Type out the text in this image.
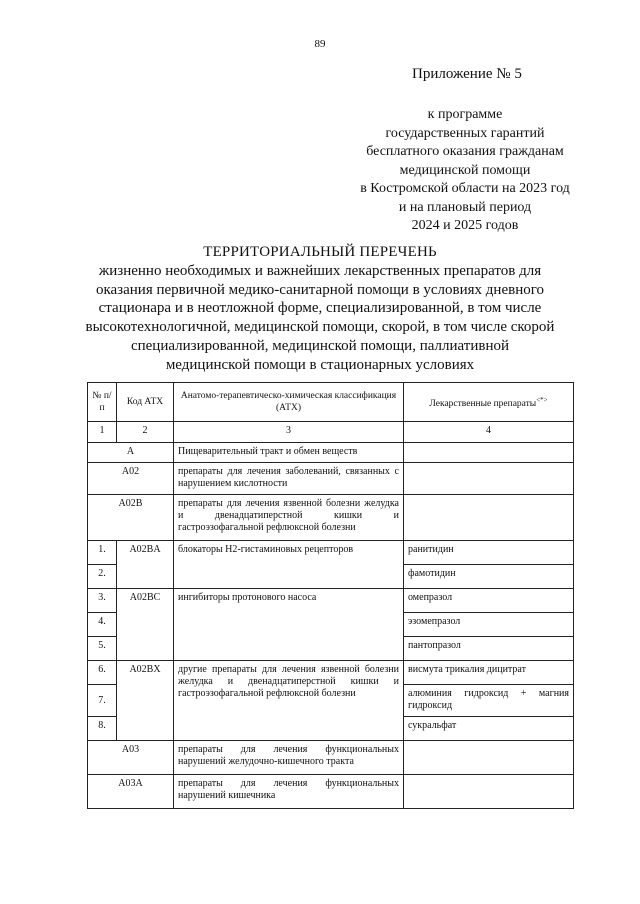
89
Приложение № 5
к программе
государственных гарантий
бесплатного оказания гражданам
медицинской помощи
в Костромской области на 2023 год
и на плановый период
2024 и 2025 годов
ТЕРРИТОРИАЛЬНЫЙ ПЕРЕЧЕНЬ
жизненно необходимых и важнейших лекарственных препаратов для
оказания первичной медико-санитарной помощи в условиях дневного
стационара и в неотложной форме, специализированной, в том числе
высокотехнологичной, медицинской помощи, скорой, в том числе скорой
специализированной, медицинской помощи, паллиативной
медицинской помощи в стационарных условиях
№ п/п	Код АТХ	Анатомо-терапевтическо-химическая классификация (АТХ)	Лекарственные препараты<*>
1	2	3	4
A		Пищеварительный тракт и обмен веществ	
A02		препараты для лечения заболеваний, связанных с нарушением кислотности	
A02B		препараты для лечения язвенной болезни желудка и двенадцатиперстной кишки и гастроэзофагальной рефлюксной болезни	
1.	A02BA	блокаторы H2-гистаминовых рецепторов	ранитидин
2.			фамотидин
3.	A02BC	ингибиторы протонового насоса	омепразол
4.			эзомепразол
5.			пантопразол
6.	A02BX	другие препараты для лечения язвенной болезни желудка и двенадцатиперстной кишки и гастроэзофагальной рефлюксной болезни	висмута трикалия дицитрат
7.			алюминия гидроксид + магния гидроксид
8.			сукральфат
A03		препараты для лечения функциональных нарушений желудочно-кишечного тракта	
A03A		препараты для лечения функциональных нарушений кишечника	
